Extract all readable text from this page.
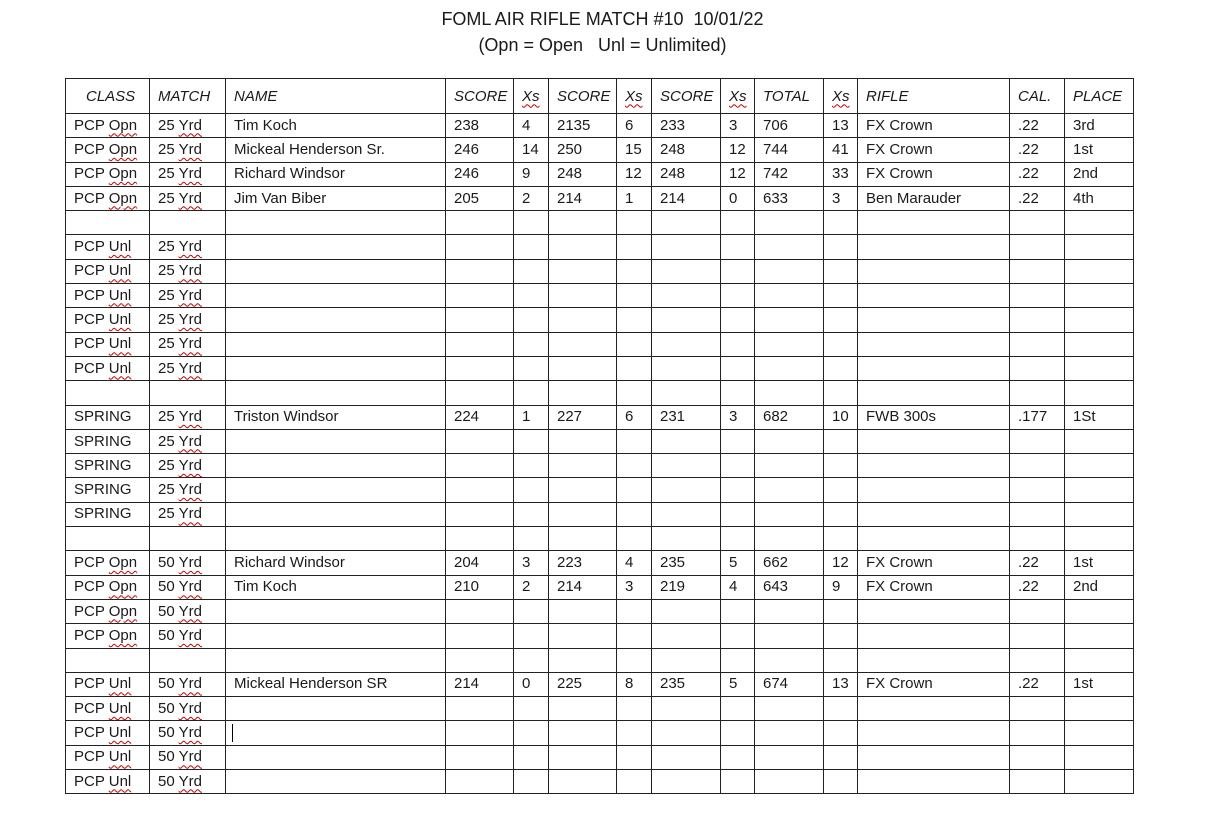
FOML AIR RIFLE MATCH #10  10/01/22
(Opn = Open   Unl = Unlimited)
CLASS	MATCH	NAME	SCORE	Xs	SCORE	Xs	SCORE	Xs	TOTAL	Xs	RIFLE	CAL.	PLACE
PCP Opn	25 Yrd	Tim Koch	238	4	2135	6	233	3	706	13	FX Crown	.22	3rd
PCP Opn	25 Yrd	Mickeal Henderson Sr.	246	14	250	15	248	12	744	41	FX Crown	.22	1st
PCP Opn	25 Yrd	Richard Windsor	246	9	248	12	248	12	742	33	FX Crown	.22	2nd
PCP Opn	25 Yrd	Jim Van Biber	205	2	214	1	214	0	633	3	Ben Marauder	.22	4th

PCP Unl	25 Yrd												
PCP Unl	25 Yrd												
PCP Unl	25 Yrd												
PCP Unl	25 Yrd												
PCP Unl	25 Yrd												
PCP Unl	25 Yrd												

SPRING	25 Yrd	Triston Windsor	224	1	227	6	231	3	682	10	FWB 300s	.177	1St
SPRING	25 Yrd												
SPRING	25 Yrd												
SPRING	25 Yrd												
SPRING	25 Yrd												

PCP Opn	50 Yrd	Richard Windsor	204	3	223	4	235	5	662	12	FX Crown	.22	1st
PCP Opn	50 Yrd	Tim Koch	210	2	214	3	219	4	643	9	FX Crown	.22	2nd
PCP Opn	50 Yrd												
PCP Opn	50 Yrd												

PCP Unl	50 Yrd	Mickeal Henderson SR	214	0	225	8	235	5	674	13	FX Crown	.22	1st
PCP Unl	50 Yrd												
PCP Unl	50 Yrd												
PCP Unl	50 Yrd												
PCP Unl	50 Yrd												
